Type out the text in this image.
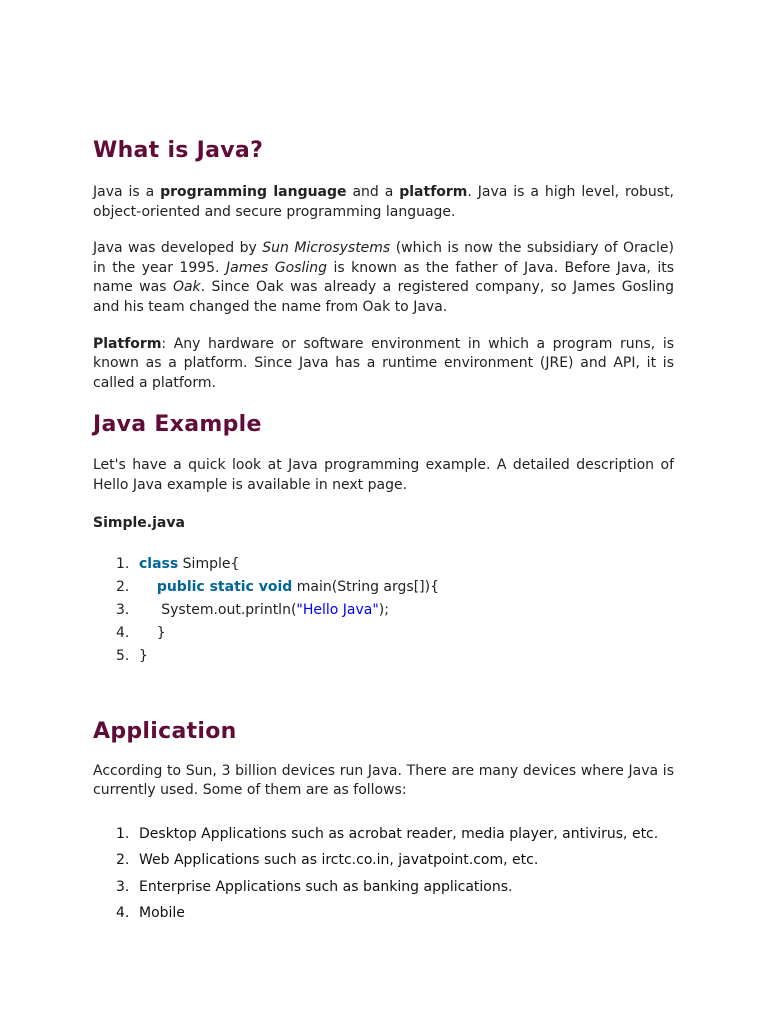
What is Java?

Java is a programming language and a platform. Java is a high level, robust, object-oriented and secure programming language.

Java was developed by Sun Microsystems (which is now the subsidiary of Oracle) in the year 1995. James Gosling is known as the father of Java. Before Java, its name was Oak. Since Oak was already a registered company, so James Gosling and his team changed the name from Oak to Java.

Platform: Any hardware or software environment in which a program runs, is known as a platform. Since Java has a runtime environment (JRE) and API, it is called a platform.

Java Example

Let's have a quick look at Java programming example. A detailed description of Hello Java example is available in next page.

Simple.java
1. class Simple{
2. public static void main(String args[]){
3. System.out.println("Hello Java");
4. }
5. }
Application

According to Sun, 3 billion devices run Java. There are many devices where Java is currently used. Some of them are as follows:

1. Desktop Applications such as acrobat reader, media player, antivirus, etc.
2. Web Applications such as irctc.co.in, javatpoint.com, etc.
3. Enterprise Applications such as banking applications.
4. Mobile
